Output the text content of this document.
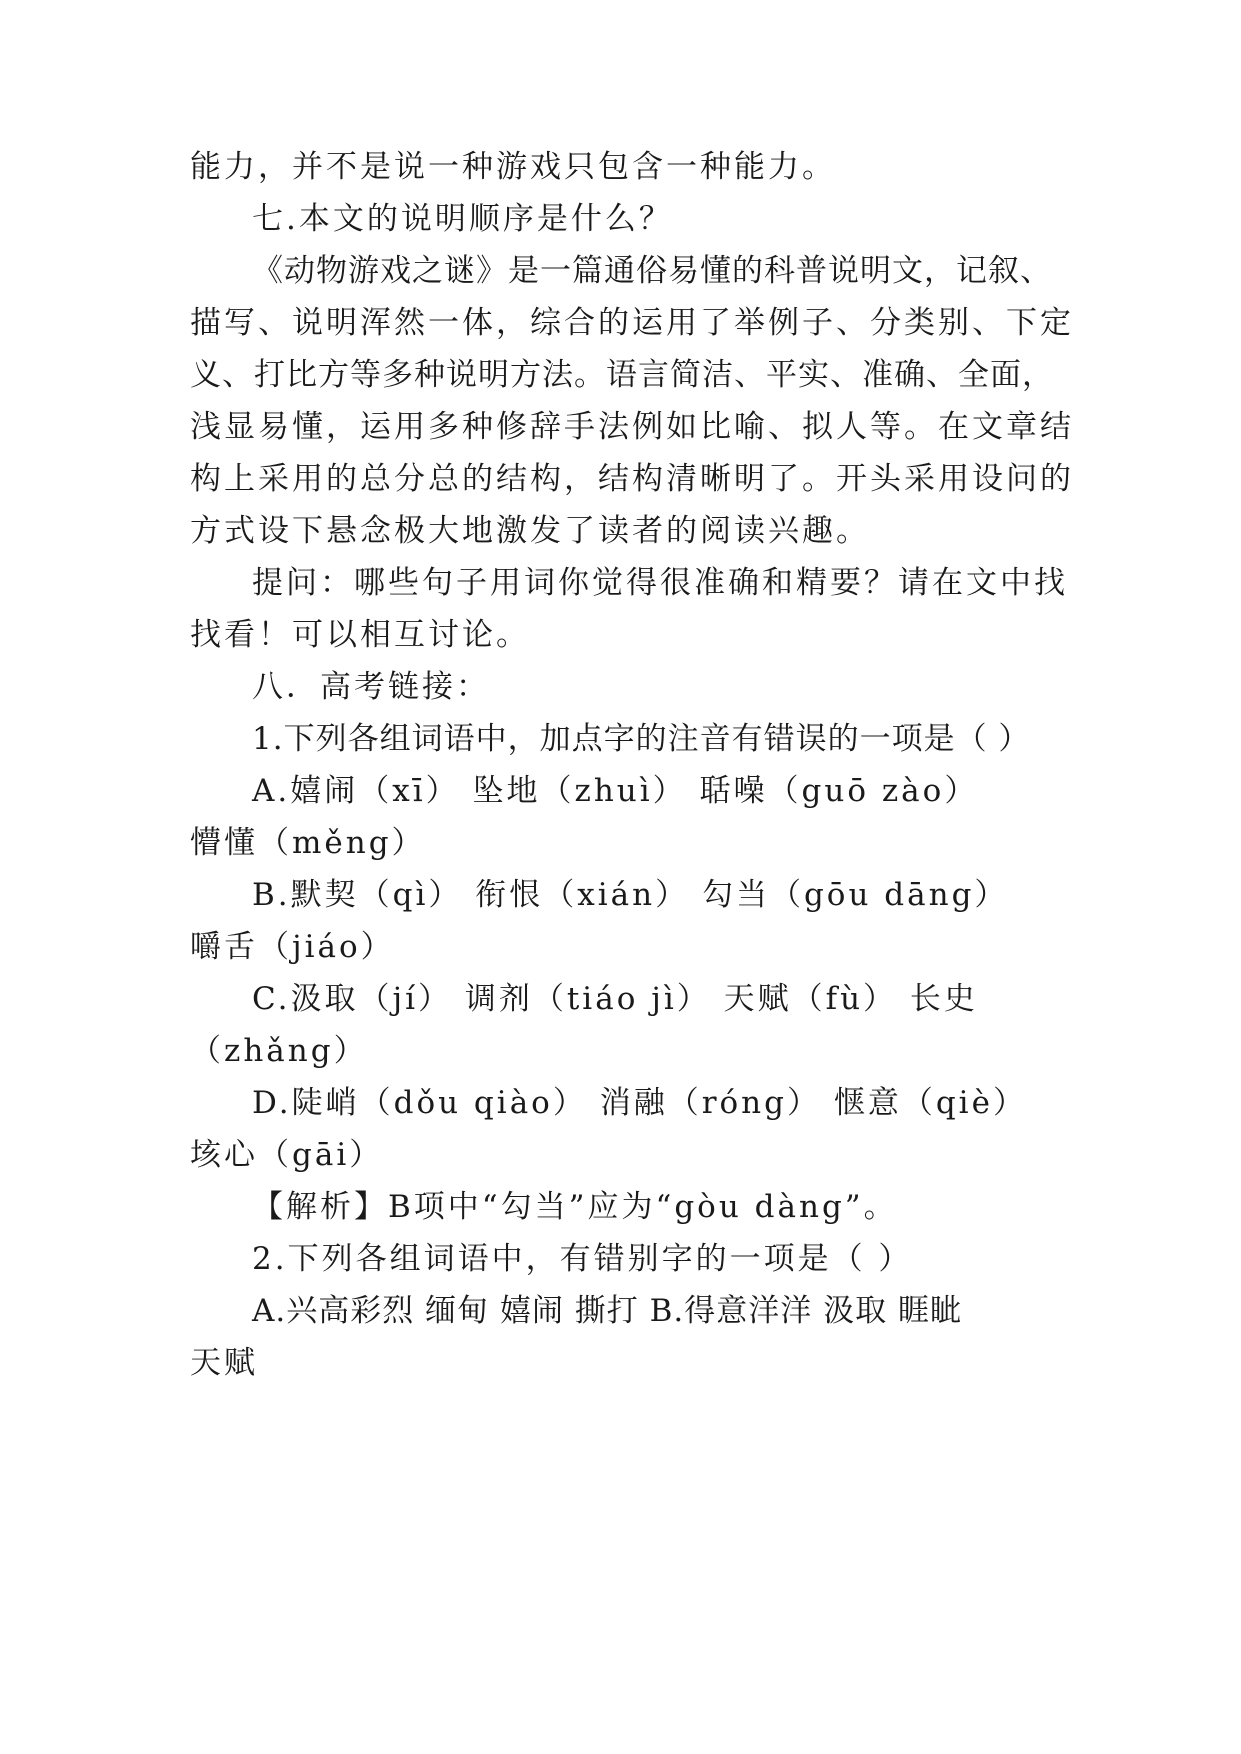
能力，并不是说一种游戏只包含一种能力。
七.本文的说明顺序是什么？
《动物游戏之谜》是一篇通俗易懂的科普说明文，记叙、
描写、说明浑然一体，综合的运用了举例子、分类别、下定
义、打比方等多种说明方法。语言简洁、平实、准确、全面，
浅显易懂，运用多种修辞手法例如比喻、拟人等。在文章结
构上采用的总分总的结构，结构清晰明了。开头采用设问的
方式设下悬念极大地激发了读者的阅读兴趣。
提问：哪些句子用词你觉得很准确和精要？请在文中找
找看！可以相互讨论。
八．高考链接：
1.下列各组词语中，加点字的注音有错误的一项是（ ）
A.嬉闹（xī） 坠地（zhuì） 聒噪（guō zào）
懵懂（měng）
B.默契（qì） 衔恨（xián） 勾当（gōu dāng）
嚼舌（jiáo）
C.汲取（jí） 调剂（tiáo jì） 天赋（fù） 长史
（zhǎng）
D.陡峭（dǒu qiào） 消融（róng） 惬意（qiè）
垓心（gāi）
【解析】B项中“勾当”应为“gòu dàng”。
2.下列各组词语中，有错别字的一项是（ ）
A.兴高彩烈 缅甸 嬉闹 撕打 B.得意洋洋 汲取 睚眦
天赋
